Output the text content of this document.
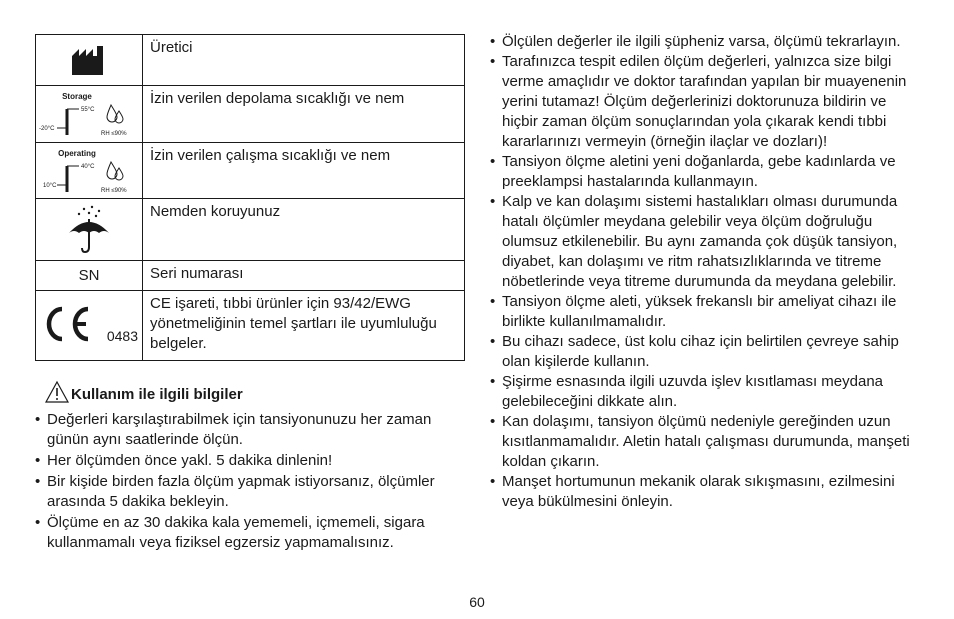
	Üretici

Storage
55°C
-20°C
RH ≤90%	İzin verilen depolama sıcaklığı ve nem

Operating
40°C
10°C
RH ≤90%	İzin verilen çalışma sıcaklığı ve nem

	Nemden koruyunuz
SN	Seri numarası

0483	CE işareti, tıbbi ürünler için 93/42/EWG yönetmeliğinin temel şartları ile uyumluluğu belgeler.
Kullanım ile ilgili bilgiler
• Değerleri karşılaştırabilmek için tansiyonunuzu her zaman günün aynı saatlerinde ölçün.
• Her ölçümden önce yakl. 5 dakika dinlenin!
• Bir kişide birden fazla ölçüm yapmak istiyorsanız, ölçümler arasında 5 dakika bekleyin.
• Ölçüme en az 30 dakika kala yememeli, içmemeli, sigara kullanmamalı veya fiziksel egzersiz yapmamalısınız.
• Ölçülen değerler ile ilgili şüpheniz varsa, ölçümü tekrarlayın.
• Tarafınızca tespit edilen ölçüm değerleri, yalnızca size bilgi verme amaçlıdır ve doktor tarafından yapılan bir muayenenin yerini tutamaz! Ölçüm değerlerinizi doktorunuza bildirin ve hiçbir zaman ölçüm sonuçlarından yola çıkarak kendi tıbbi kararlarınızı vermeyin (örneğin ilaçlar ve dozları)!
• Tansiyon ölçme aletini yeni doğanlarda, gebe kadınlarda ve preeklampsi hastalarında kullanmayın.
• Kalp ve kan dolaşımı sistemi hastalıkları olması durumunda hatalı ölçümler meydana gelebilir veya ölçüm doğruluğu olumsuz etkilenebilir. Bu aynı zamanda çok düşük tansiyon, diyabet, kan dolaşımı ve ritm rahatsızlıklarında ve titreme nöbetlerinde veya titreme durumunda da meydana gelebilir.
• Tansiyon ölçme aleti, yüksek frekanslı bir ameliyat cihazı ile birlikte kullanılmamalıdır.
• Bu cihazı sadece, üst kolu cihaz için belirtilen çevreye sahip olan kişilerde kullanın.
• Şişirme esnasında ilgili uzuvda işlev kısıtlaması meydana gelebileceğini dikkate alın.
• Kan dolaşımı, tansiyon ölçümü nedeniyle gereğinden uzun kısıtlanmamalıdır. Aletin hatalı çalışması durumunda, manşeti koldan çıkarın.
• Manşet hortumunun mekanik olarak sıkışmasını, ezilmesini veya bükülmesini önleyin.
60
